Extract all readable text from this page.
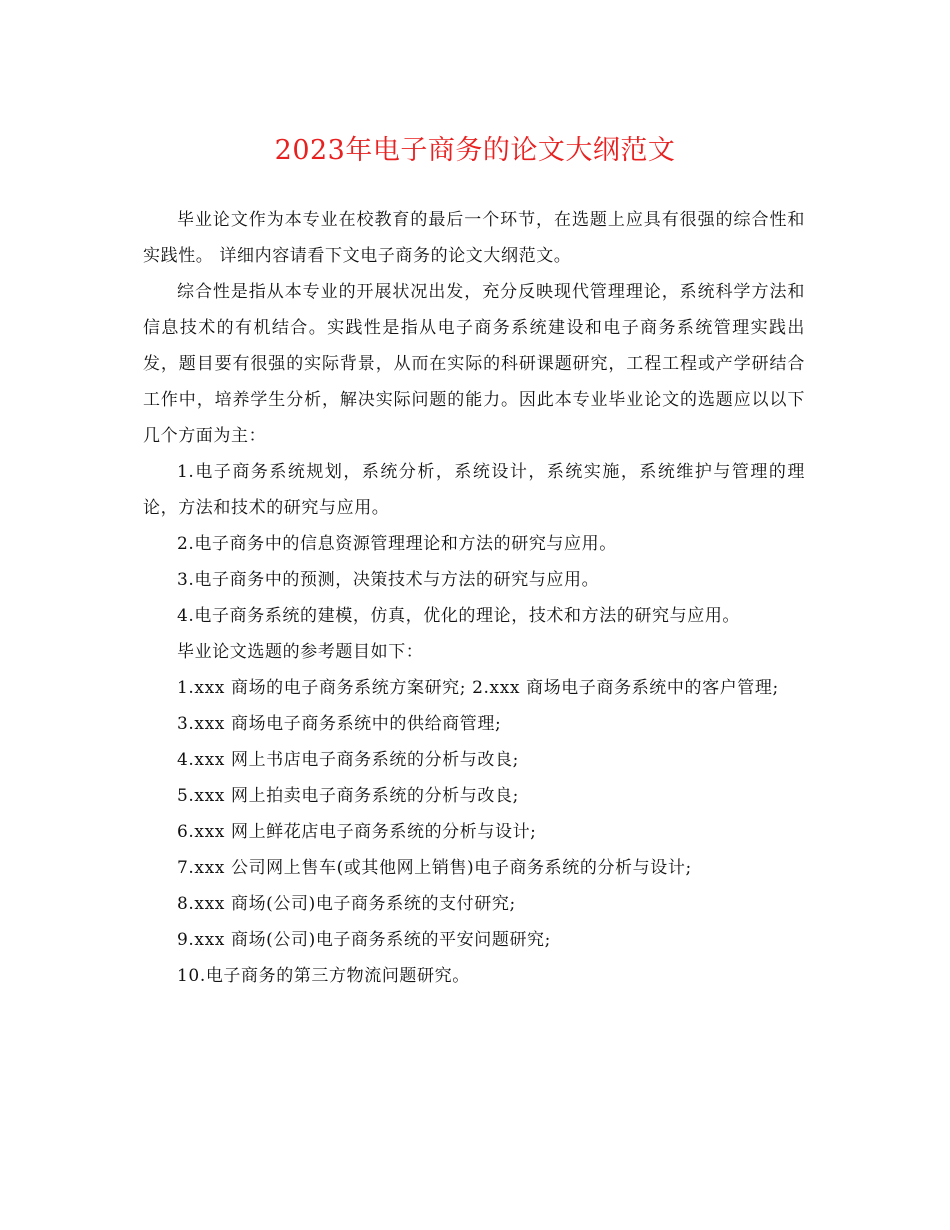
2023年电子商务的论文大纲范文

毕业论文作为本专业在校教育的最后一个环节，在选题上应具有很强的综合性和实践性。 详细内容请看下文电子商务的论文大纲范文。

综合性是指从本专业的开展状况出发，充分反映现代管理理论，系统科学方法和信息技术的有机结合。实践性是指从电子商务系统建设和电子商务系统管理实践出发，题目要有很强的实际背景，从而在实际的科研课题研究，工程工程或产学研结合工作中，培养学生分析，解决实际问题的能力。因此本专业毕业论文的选题应以以下几个方面为主：

1.电子商务系统规划，系统分析，系统设计，系统实施，系统维护与管理的理论，方法和技术的研究与应用。

2.电子商务中的信息资源管理理论和方法的研究与应用。

3.电子商务中的预测，决策技术与方法的研究与应用。

4.电子商务系统的建模，仿真，优化的理论，技术和方法的研究与应用。

毕业论文选题的参考题目如下：

1.xxx 商场的电子商务系统方案研究; 2.xxx 商场电子商务系统中的客户管理;

3.xxx 商场电子商务系统中的供给商管理;

4.xxx 网上书店电子商务系统的分析与改良;

5.xxx 网上拍卖电子商务系统的分析与改良;

6.xxx 网上鲜花店电子商务系统的分析与设计;

7.xxx 公司网上售车(或其他网上销售)电子商务系统的分析与设计;

8.xxx 商场(公司)电子商务系统的支付研究;

9.xxx 商场(公司)电子商务系统的平安问题研究;

10.电子商务的第三方物流问题研究。
